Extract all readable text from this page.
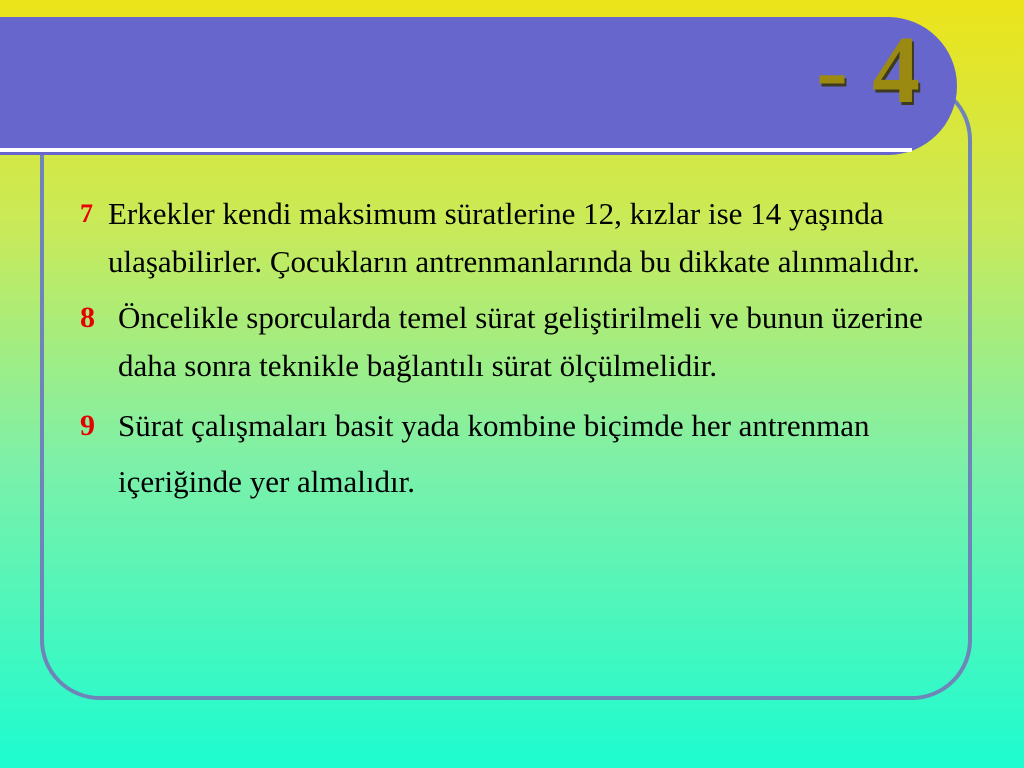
- 4
7 Erkekler kendi maksimum süratlerine 12, kızlar ise 14 yaşında ulaşabilirler. Çocukların antrenmanlarında bu dikkate alınmalıdır.
8 Öncelikle sporcularda temel sürat geliştirilmeli ve bunun üzerine daha sonra teknikle bağlantılı sürat ölçülmelidir.
9 Sürat çalışmaları basit yada kombine biçimde her antrenman içeriğinde yer almalıdır.
